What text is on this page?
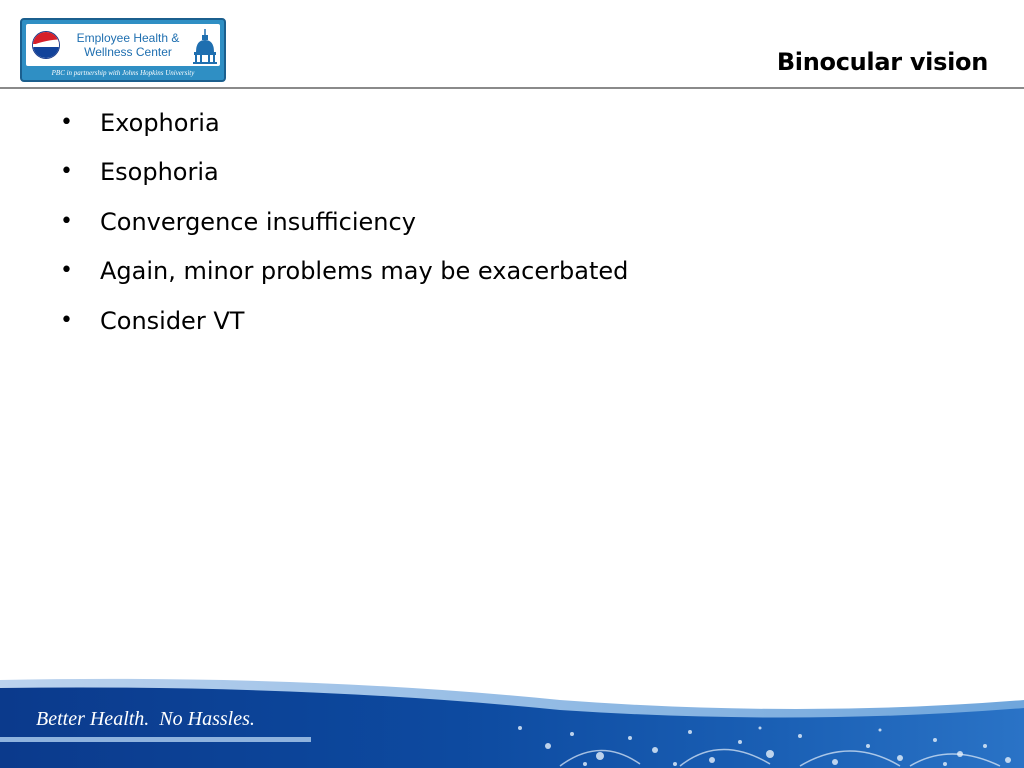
Employee Health &
Wellness Center
PBC in partnership with Johns Hopkins University	Binocular vision
• Exophoria
• Esophoria
• Convergence insufficiency
• Again, minor problems may be exacerbated
• Consider VT
Better Health.  No Hassles.
